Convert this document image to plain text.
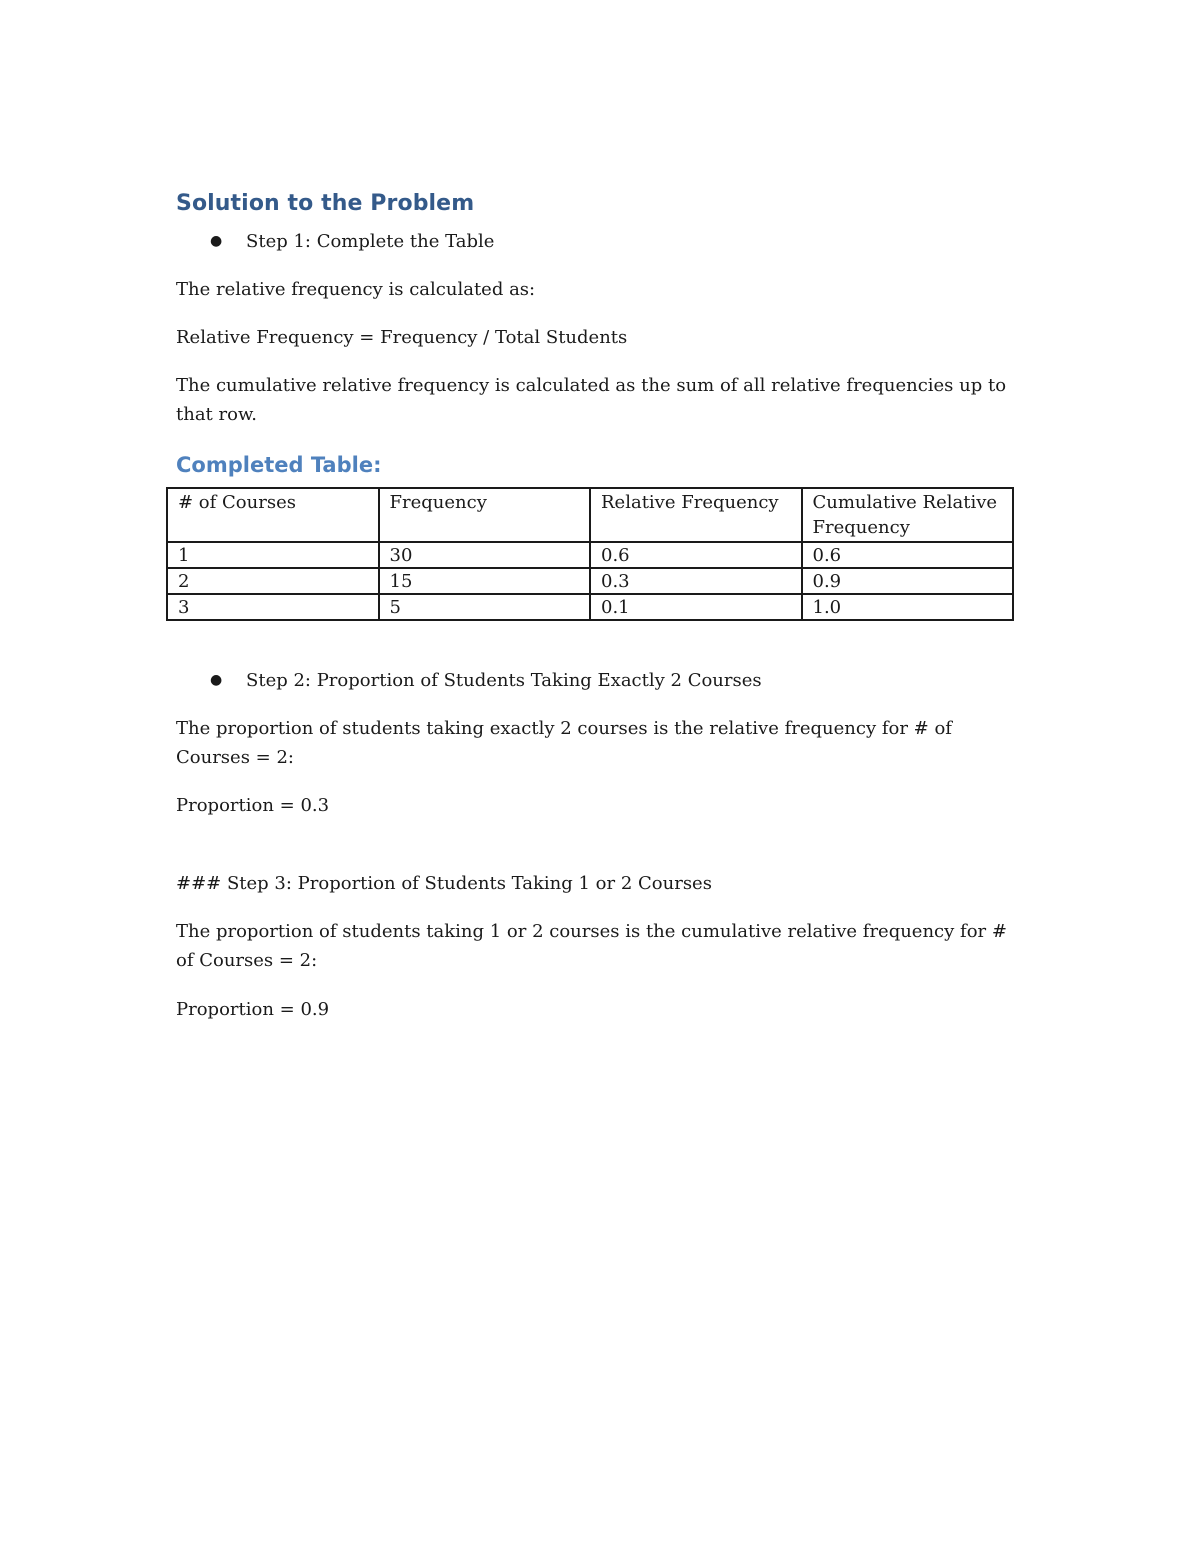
Solution to the Problem
● Step 1: Complete the Table

The relative frequency is calculated as:

Relative Frequency = Frequency / Total Students

The cumulative relative frequency is calculated as the sum of all relative frequencies up to that row.

Completed Table:
# of Courses	Frequency	Relative Frequency	Cumulative Relative Frequency
1	30	0.6	0.6
2	15	0.3	0.9
3	5	0.1	1.0
● Step 2: Proportion of Students Taking Exactly 2 Courses

The proportion of students taking exactly 2 courses is the relative frequency for # of Courses = 2:

Proportion = 0.3

### Step 3: Proportion of Students Taking 1 or 2 Courses

The proportion of students taking 1 or 2 courses is the cumulative relative frequency for # of Courses = 2:

Proportion = 0.9
